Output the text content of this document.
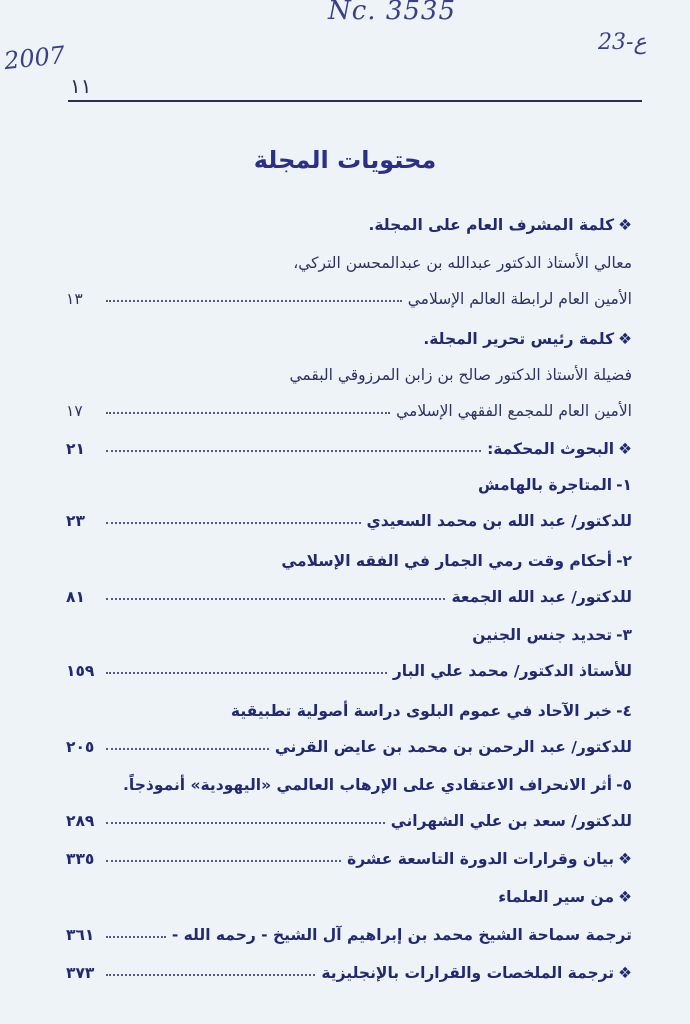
Nc. 3535
2007	23-ع
١١
محتويات المجلة
❖
كلمة المشرف العام على المجلة.
معالي الأستاذ الدكتور عبدالله بن عبدالمحسن التركي،
الأمين العام لرابطة العالم الإسلامي
١٣
❖
كلمة رئيس تحرير المجلة.
فضيلة الأستاذ الدكتور صالح بن زابن المرزوقي البقمي
الأمين العام للمجمع الفقهي الإسلامي
١٧
❖
البحوث المحكمة:
٢١
١-
المتاجرة بالهامش
للدكتور/ عبد الله بن محمد السعيدي
٢٣
٢-
أحكام وقت رمي الجمار في الفقه الإسلامي
للدكتور/ عبد الله الجمعة
٨١
٣-
تحديد جنس الجنين
للأستاذ الدكتور/ محمد علي البار
١٥٩
٤-
خبر الآحاد في عموم البلوى دراسة أصولية تطبيقية
للدكتور/ عبد الرحمن بن محمد بن عايض القرني
٢٠٥
٥-
أثر الانحراف الاعتقادي على الإرهاب العالمي «اليهودية» أنموذجاً.
للدكتور/ سعد بن علي الشهراني
٢٨٩
❖
بيان وقرارات الدورة التاسعة عشرة
٣٣٥
❖
من سير العلماء
ترجمة سماحة الشيخ محمد بن إبراهيم آل الشيخ - رحمه الله -
٣٦١
❖
ترجمة الملخصات والقرارات بالإنجليزية
٣٧٣
